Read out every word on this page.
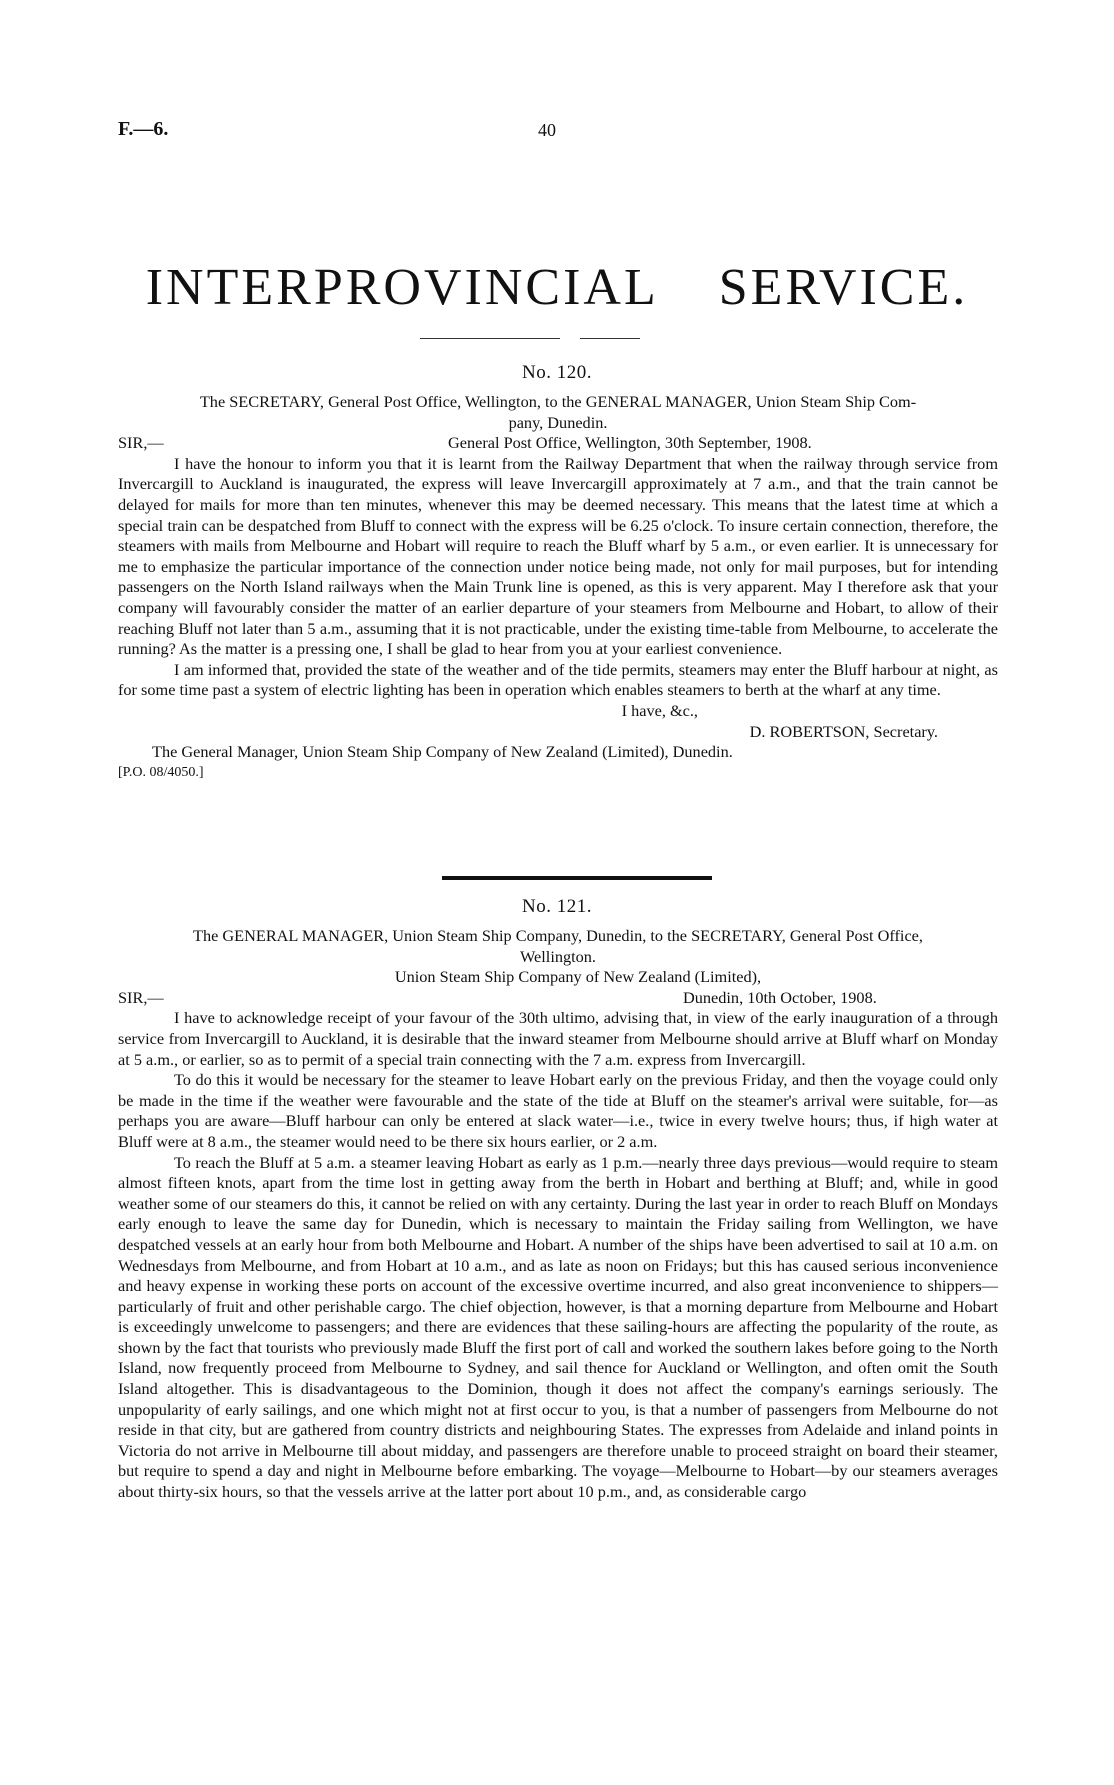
F.—6.	40
INTERPROVINCIAL SERVICE.
No. 120.

The SECRETARY, General Post Office, Wellington, to the GENERAL MANAGER, Union Steam Ship Com-

pany, Dunedin.

SIR,—	General Post Office, Wellington, 30th September, 1908.

I have the honour to inform you that it is learnt from the Railway Department that when the railway through service from Invercargill to Auckland is inaugurated, the express will leave Invercargill approximately at 7 a.m., and that the train cannot be delayed for mails for more than ten minutes, whenever this may be deemed necessary. This means that the latest time at which a special train can be despatched from Bluff to connect with the express will be 6.25 o'clock. To insure certain connection, therefore, the steamers with mails from Melbourne and Hobart will require to reach the Bluff wharf by 5 a.m., or even earlier. It is unnecessary for me to emphasize the particular importance of the connection under notice being made, not only for mail purposes, but for intending passengers on the North Island railways when the Main Trunk line is opened, as this is very apparent. May I therefore ask that your company will favourably consider the matter of an earlier departure of your steamers from Melbourne and Hobart, to allow of their reaching Bluff not later than 5 a.m., assuming that it is not practicable, under the existing time-table from Melbourne, to accelerate the running? As the matter is a pressing one, I shall be glad to hear from you at your earliest convenience.

I am informed that, provided the state of the weather and of the tide permits, steamers may enter the Bluff harbour at night, as for some time past a system of electric lighting has been in operation which enables steamers to berth at the wharf at any time.

I have, &c.,

D. ROBERTSON, Secretary.

The General Manager, Union Steam Ship Company of New Zealand (Limited), Dunedin.

[P.O. 08/4050.]

No. 121.

The GENERAL MANAGER, Union Steam Ship Company, Dunedin, to the SECRETARY, General Post Office,

Wellington.

Union Steam Ship Company of New Zealand (Limited),

SIR,—	Dunedin, 10th October, 1908.

I have to acknowledge receipt of your favour of the 30th ultimo, advising that, in view of the early inauguration of a through service from Invercargill to Auckland, it is desirable that the inward steamer from Melbourne should arrive at Bluff wharf on Monday at 5 a.m., or earlier, so as to permit of a special train connecting with the 7 a.m. express from Invercargill.

To do this it would be necessary for the steamer to leave Hobart early on the previous Friday, and then the voyage could only be made in the time if the weather were favourable and the state of the tide at Bluff on the steamer's arrival were suitable, for—as perhaps you are aware—Bluff harbour can only be entered at slack water—i.e., twice in every twelve hours; thus, if high water at Bluff were at 8 a.m., the steamer would need to be there six hours earlier, or 2 a.m.

To reach the Bluff at 5 a.m. a steamer leaving Hobart as early as 1 p.m.—nearly three days previous—would require to steam almost fifteen knots, apart from the time lost in getting away from the berth in Hobart and berthing at Bluff; and, while in good weather some of our steamers do this, it cannot be relied on with any certainty. During the last year in order to reach Bluff on Mondays early enough to leave the same day for Dunedin, which is necessary to maintain the Friday sailing from Wellington, we have despatched vessels at an early hour from both Melbourne and Hobart. A number of the ships have been advertised to sail at 10 a.m. on Wednesdays from Melbourne, and from Hobart at 10 a.m., and as late as noon on Fridays; but this has caused serious inconvenience and heavy expense in working these ports on account of the excessive overtime incurred, and also great inconvenience to shippers—particularly of fruit and other perishable cargo. The chief objection, however, is that a morning departure from Melbourne and Hobart is exceedingly unwelcome to passengers; and there are evidences that these sailing-hours are affecting the popularity of the route, as shown by the fact that tourists who previously made Bluff the first port of call and worked the southern lakes before going to the North Island, now frequently proceed from Melbourne to Sydney, and sail thence for Auckland or Wellington, and often omit the South Island altogether. This is disadvantageous to the Dominion, though it does not affect the company's earnings seriously. The unpopularity of early sailings, and one which might not at first occur to you, is that a number of passengers from Melbourne do not reside in that city, but are gathered from country districts and neighbouring States. The expresses from Adelaide and inland points in Victoria do not arrive in Melbourne till about midday, and passengers are therefore unable to proceed straight on board their steamer, but require to spend a day and night in Melbourne before embarking. The voyage—Melbourne to Hobart—by our steamers averages about thirty-six hours, so that the vessels arrive at the latter port about 10 p.m., and, as considerable cargo
